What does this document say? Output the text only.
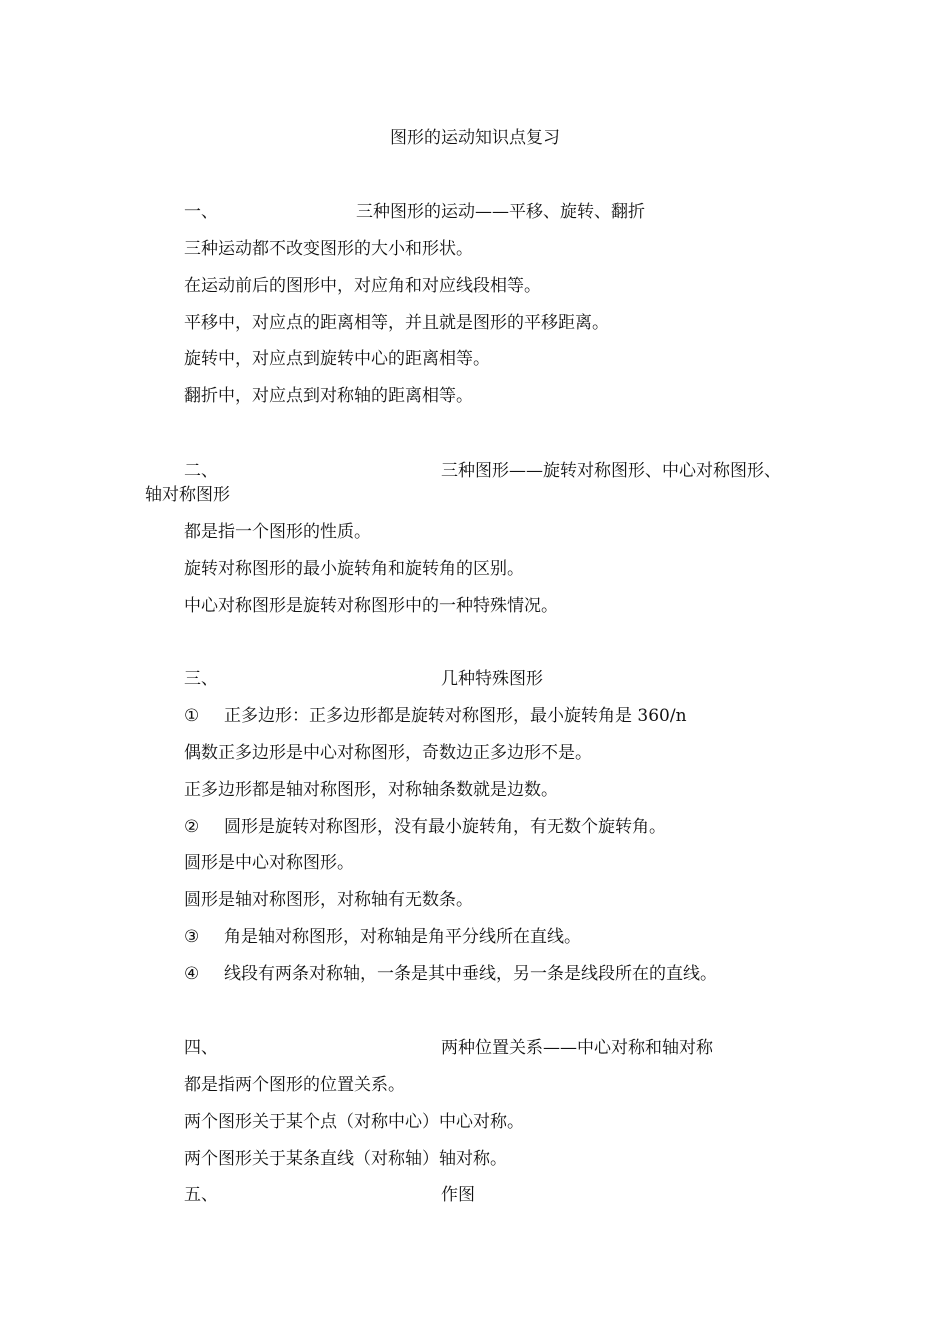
图形的运动知识点复习
一、	三种图形的运动——平移、旋转、翻折
三种运动都不改变图形的大小和形状。
在运动前后的图形中，对应角和对应线段相等。
平移中，对应点的距离相等，并且就是图形的平移距离。
旋转中，对应点到旋转中心的距离相等。
翻折中，对应点到对称轴的距离相等。
二、	三种图形——旋转对称图形、中心对称图形、
轴对称图形
都是指一个图形的性质。
旋转对称图形的最小旋转角和旋转角的区别。
中心对称图形是旋转对称图形中的一种特殊情况。
三、	几种特殊图形
① 正多边形：正多边形都是旋转对称图形，最小旋转角是 360/n
偶数正多边形是中心对称图形，奇数边正多边形不是。
正多边形都是轴对称图形，对称轴条数就是边数。
② 圆形是旋转对称图形，没有最小旋转角，有无数个旋转角。
圆形是中心对称图形。
圆形是轴对称图形，对称轴有无数条。
③ 角是轴对称图形，对称轴是角平分线所在直线。
④ 线段有两条对称轴，一条是其中垂线，另一条是线段所在的直线。
四、	两种位置关系——中心对称和轴对称
都是指两个图形的位置关系。
两个图形关于某个点（对称中心）中心对称。
两个图形关于某条直线（对称轴）轴对称。
五、	作图
